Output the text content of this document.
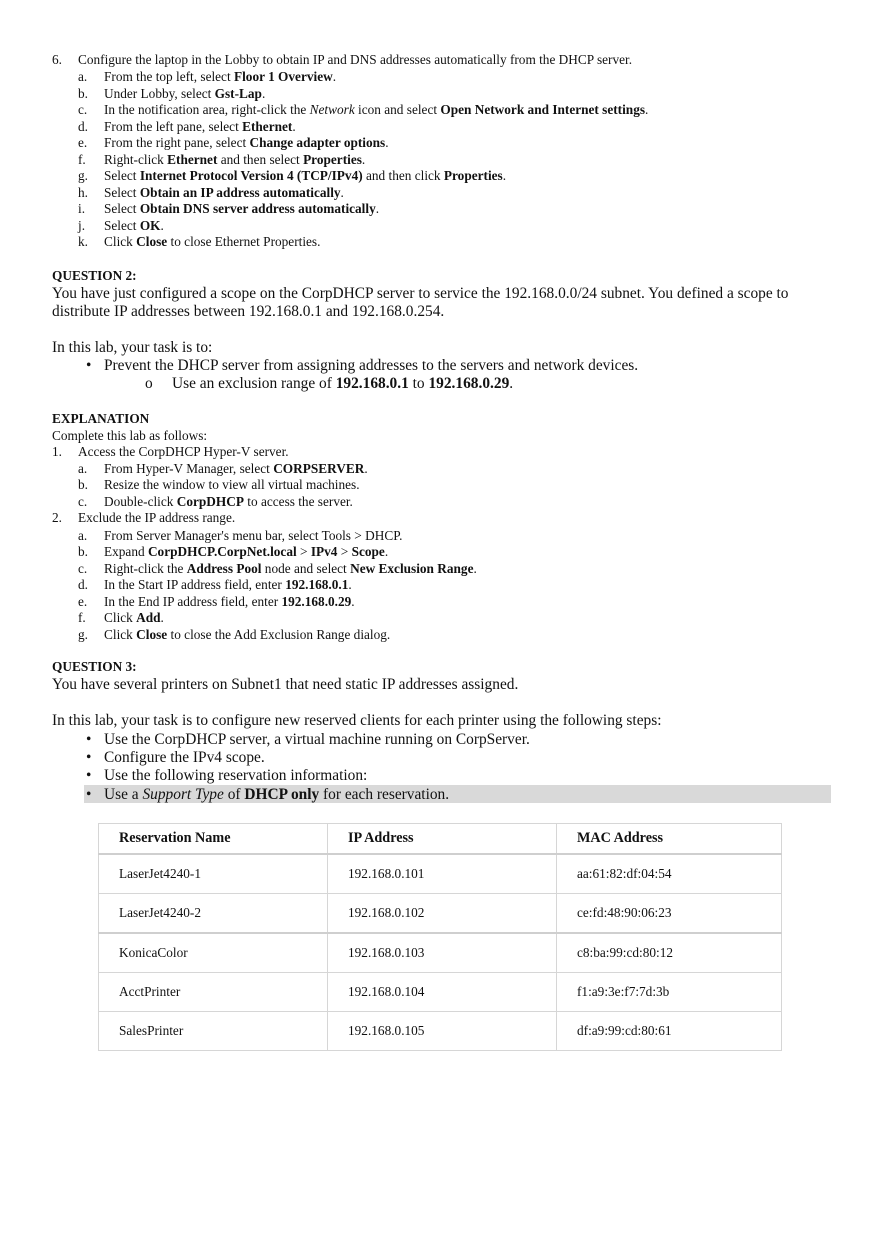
6. Configure the laptop in the Lobby to obtain IP and DNS addresses automatically from the DHCP server.
a. From the top left, select Floor 1 Overview.
b. Under Lobby, select Gst-Lap.
c. In the notification area, right-click the Network icon and select Open Network and Internet settings.
d. From the left pane, select Ethernet.
e. From the right pane, select Change adapter options.
f. Right-click Ethernet and then select Properties.
g. Select Internet Protocol Version 4 (TCP/IPv4) and then click Properties.
h. Select Obtain an IP address automatically.
i. Select Obtain DNS server address automatically.
j. Select OK.
k. Click Close to close Ethernet Properties.
QUESTION 2:
You have just configured a scope on the CorpDHCP server to service the 192.168.0.0/24 subnet. You defined a scope to
distribute IP addresses between 192.168.0.1 and 192.168.0.254.
In this lab, your task is to:
• Prevent the DHCP server from assigning addresses to the servers and network devices.
o Use an exclusion range of 192.168.0.1 to 192.168.0.29.
EXPLANATION
Complete this lab as follows:
1. Access the CorpDHCP Hyper-V server.
a. From Hyper-V Manager, select CORPSERVER.
b. Resize the window to view all virtual machines.
c. Double-click CorpDHCP to access the server.
2. Exclude the IP address range.
a. From Server Manager's menu bar, select Tools > DHCP.
b. Expand CorpDHCP.CorpNet.local > IPv4 > Scope.
c. Right-click the Address Pool node and select New Exclusion Range.
d. In the Start IP address field, enter 192.168.0.1.
e. In the End IP address field, enter 192.168.0.29.
f. Click Add.
g. Click Close to close the Add Exclusion Range dialog.
QUESTION 3:
You have several printers on Subnet1 that need static IP addresses assigned.
In this lab, your task is to configure new reserved clients for each printer using the following steps:
• Use the CorpDHCP server, a virtual machine running on CorpServer.
• Configure the IPv4 scope.
• Use the following reservation information:
• Use a Support Type of DHCP only for each reservation.
Reservation Name	IP Address	MAC Address
LaserJet4240-1	192.168.0.101	aa:61:82:df:04:54
LaserJet4240-2	192.168.0.102	ce:fd:48:90:06:23
KonicaColor	192.168.0.103	c8:ba:99:cd:80:12
AcctPrinter	192.168.0.104	f1:a9:3e:f7:7d:3b
SalesPrinter	192.168.0.105	df:a9:99:cd:80:61
